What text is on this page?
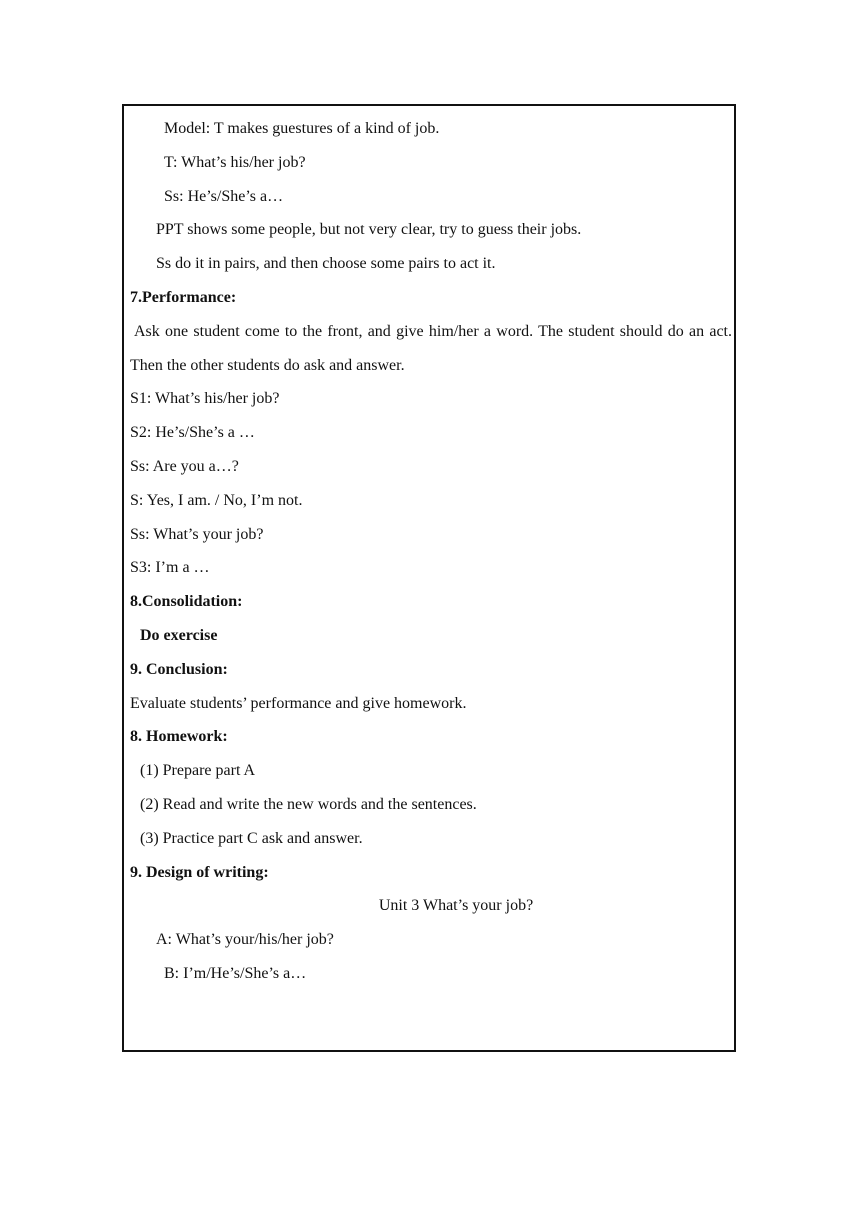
Model: T makes guestures of a kind of job.
T: What’s his/her job?
Ss: He’s/She’s a…
PPT shows some people, but not very clear, try to guess their jobs.
Ss do it in pairs, and then choose some pairs to act it.
7.Performance:
Ask one student come to the front, and give him/her a word. The student should do an act. Then the other students do ask and answer.
S1: What’s his/her job?
S2: He’s/She’s a …
Ss: Are you a…?
S: Yes, I am. / No, I’m not.
Ss: What’s your job?
S3: I’m a …
8.Consolidation:
Do exercise
9. Conclusion:
Evaluate students’ performance and give homework.
8. Homework:
(1) Prepare part A
(2) Read and write the new words and the sentences.
(3) Practice part C ask and answer.
9. Design of writing:
Unit 3 What’s your job?
A: What’s your/his/her job?
B: I’m/He’s/She’s a…
